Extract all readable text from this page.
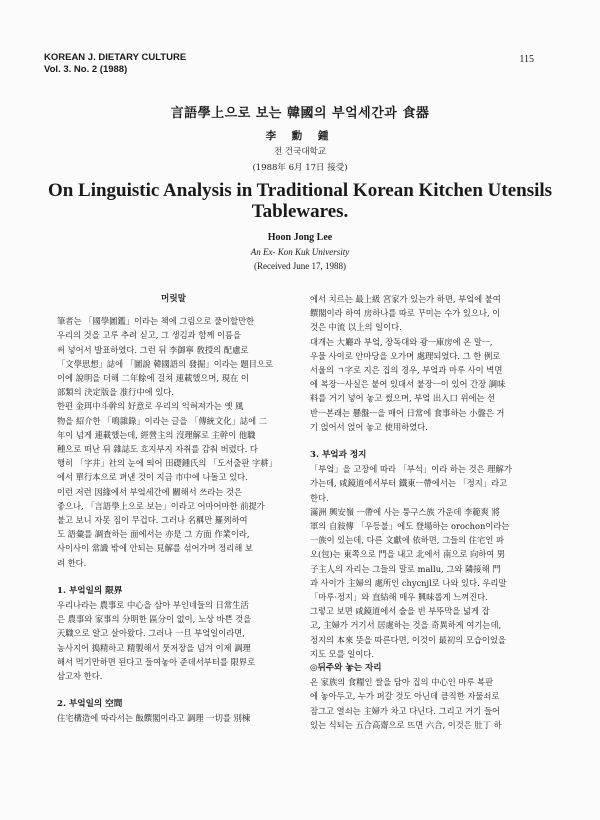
KOREAN J. DIETARY CULTURE
Vol. 3. No. 2 (1988)
115
言語學上으로 보는 韓國의 부엌세간과 食器
李 勳 鍾
전 건국대학교
(1988年 6月 17日 接受)
On Linguistic Analysis in Traditional Korean Kitchen Utensils
Tablewares.
Hoon Jong Lee
An Ex- Kon Kuk University
(Received June 17, 1988)
머릿말

筆者는 「國學圖鑑」이라는 책에 그림으로 풀이할만한

우리의 것을 고루 추려 싣고, 그 생김과 함께 이름을

써 넣어서 발표하였다. 그런 뒤 李御寧 敎授의 配慮로

「文學思想」誌에 「圖說 韓國語의 發掘」이라는 題目으로

이에 說明을 더해 二年餘에 걸쳐 連載했으며, 現在 이

部類의 決定版을 准行中에 있다.

한편 金珥中斗幹의 好意로 우리의 익혀져가는 옛 風

物을 紹介한 「鳴雜錄」이라는 글을 「傳統文化」誌에 二

年이 넘게 連載했는데, 經營主의 沒理解로 主幹이 他職

種으로 떠난 뒤 雜誌도 흐지부지 자취를 감춰 버렸다. 다

행히 「字井」社의 눈에 띄어 田礎鍾氏의 「도서출판 字耕」

에서 單行本으로 펴낸 것이 지금 市中에 나돌고 있다.

이런 저런 因緣에서 부엌세간에 關해서 쓰라는 것은

좋으나, 「言語學上으로 보는」이라고 어마어마한 前提가

붙고 보니 자못 짐이 무겁다. 그러나 名稱만 羅列하여

도 語彙를 調査하는 面에서는 亦是 그 方面 作業이라,

사이사이 常識 밖에 안되는 見解를 섞어가며 정리해 보

려 한다.

1. 부엌일의 限界

우리나라는 農事로 中心을 삼아 부인네들의 日常生活

은 農事와 家事의 分明한 區分이 없이, 노상 바쁜 것을

天職으로 알고 살아왔다. 그러나 一旦 부엌일이라면,

농사지어 搗精하고 精製해서 뭇저장을 넘겨 이제 調理

해서 먹기만하면 된다고 들여놓아 준데서부터를 限界로

삼고자 한다.

2. 부엌일의 空間

住宅構造에 따라서는 飯饌閣이라고 調理 一切를 別棟

에서 치르는 最上級 宮家가 있는가 하면, 부엌에 붙여

饌閣이라 하여 房하나를 따로 꾸미는 수가 있으나, 이

것은 中流 以上의 일이다.

대개는 大廳과 부엌, 장독대와 광ㅡ庫房에 온 말ㅡ,

우물 사이로 안마당을 오가며 處理되었다. 그 한 例로

서울의 ㄱ字로 지은 집의 경우, 부엌과 마루 사이 벽면

에 복장ㅡ사실은 붙어 있대서 붙장ㅡ이 있어 간장 調味

料를 거기 넣어 놓고 썼으며, 부엌 出入口 위에는 선

반ㅡ본래는 懸盤ㅡ을 매어 日常에 食事하는 小盤은 거

기 얹어서 얹어 놓고 使用하였다.

3. 부엌과 정지

「부엌」을 고장에 따라 「부석」이라 하는 것은 理解가

가는데, 咸鏡道에서부터 鐵東ㅡ帶에서는 「정지」라고

한다.

滿洲 興安嶺 ㅡ帶에 사는 퉁구스族 가운데 李範爽 將

軍의 自敍傳 「우등불」에도 登場하는 orochon이라는

一族이 있는데, 다른 文獻에 依하면, 그들의 住宅인 파

오(包)는 東쪽으로 門을 내고 北에서 南으로 向하여 男

子主人의 자리는 그들의 말로 mallu, 그와 隣接해 門

과 사이가 主婦의 處所인 chycnjl로 나와 있다. 우리말

「마루·정지」와 直結해 매우 興味롭게 느껴진다.

그렇고 보면 咸鏡道에서 술을 빈 부뚜막을 넓게 잡

고, 主婦가 거기서 居處하는 것을 奇異하게 여기는데,

정지의 本來 뜻을 따른다면, 이것이 最初의 모습이었을

지도 모를 일이다.

◎뒤주와 놓는 자리

온 家族의 食糧인 쌀을 담아 집의 中心인 마루 복판

에 놓아두고, 누가 퍼갈 것도 아닌데 큼직한 자물쇠로

잠그고 열쇠는 主婦가 차고 다닌다. 그리고 거기 들어

있는 식되는 五合高齋으로 뜨면 六合, 이것은 肚丁 하
